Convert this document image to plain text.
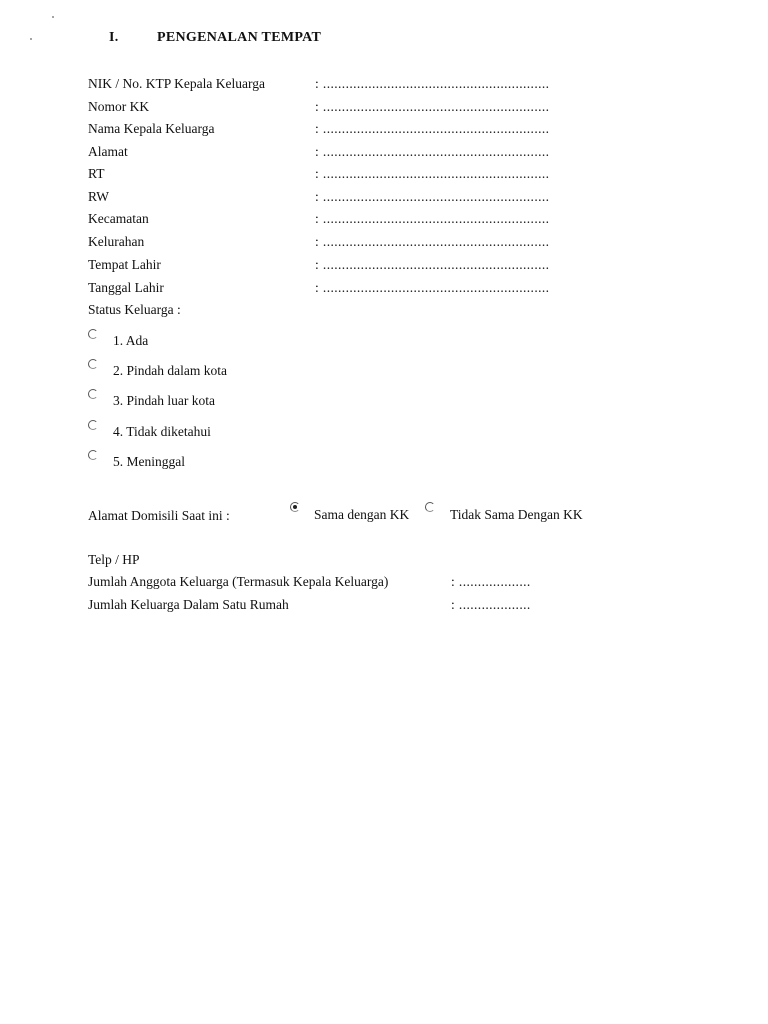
I.	PENGENALAN TEMPAT
NIK / No. KTP Kepala Keluarga	: ............................................................
Nomor KK	: ............................................................
Nama Kepala Keluarga	: ............................................................
Alamat	: ............................................................
RT	: ............................................................
RW	: ............................................................
Kecamatan	: ............................................................
Kelurahan	: ............................................................
Tempat Lahir	: ............................................................
Tanggal Lahir	: ............................................................
Status Keluarga :
1. Ada
2. Pindah dalam kota
3. Pindah luar kota
4. Tidak diketahui
5. Meninggal
Alamat Domisili Saat ini :	Sama dengan KK	Tidak Sama Dengan KK
Telp / HP
Jumlah Anggota Keluarga (Termasuk Kepala Keluarga)	: ...................
Jumlah Keluarga Dalam Satu Rumah	: ...................
